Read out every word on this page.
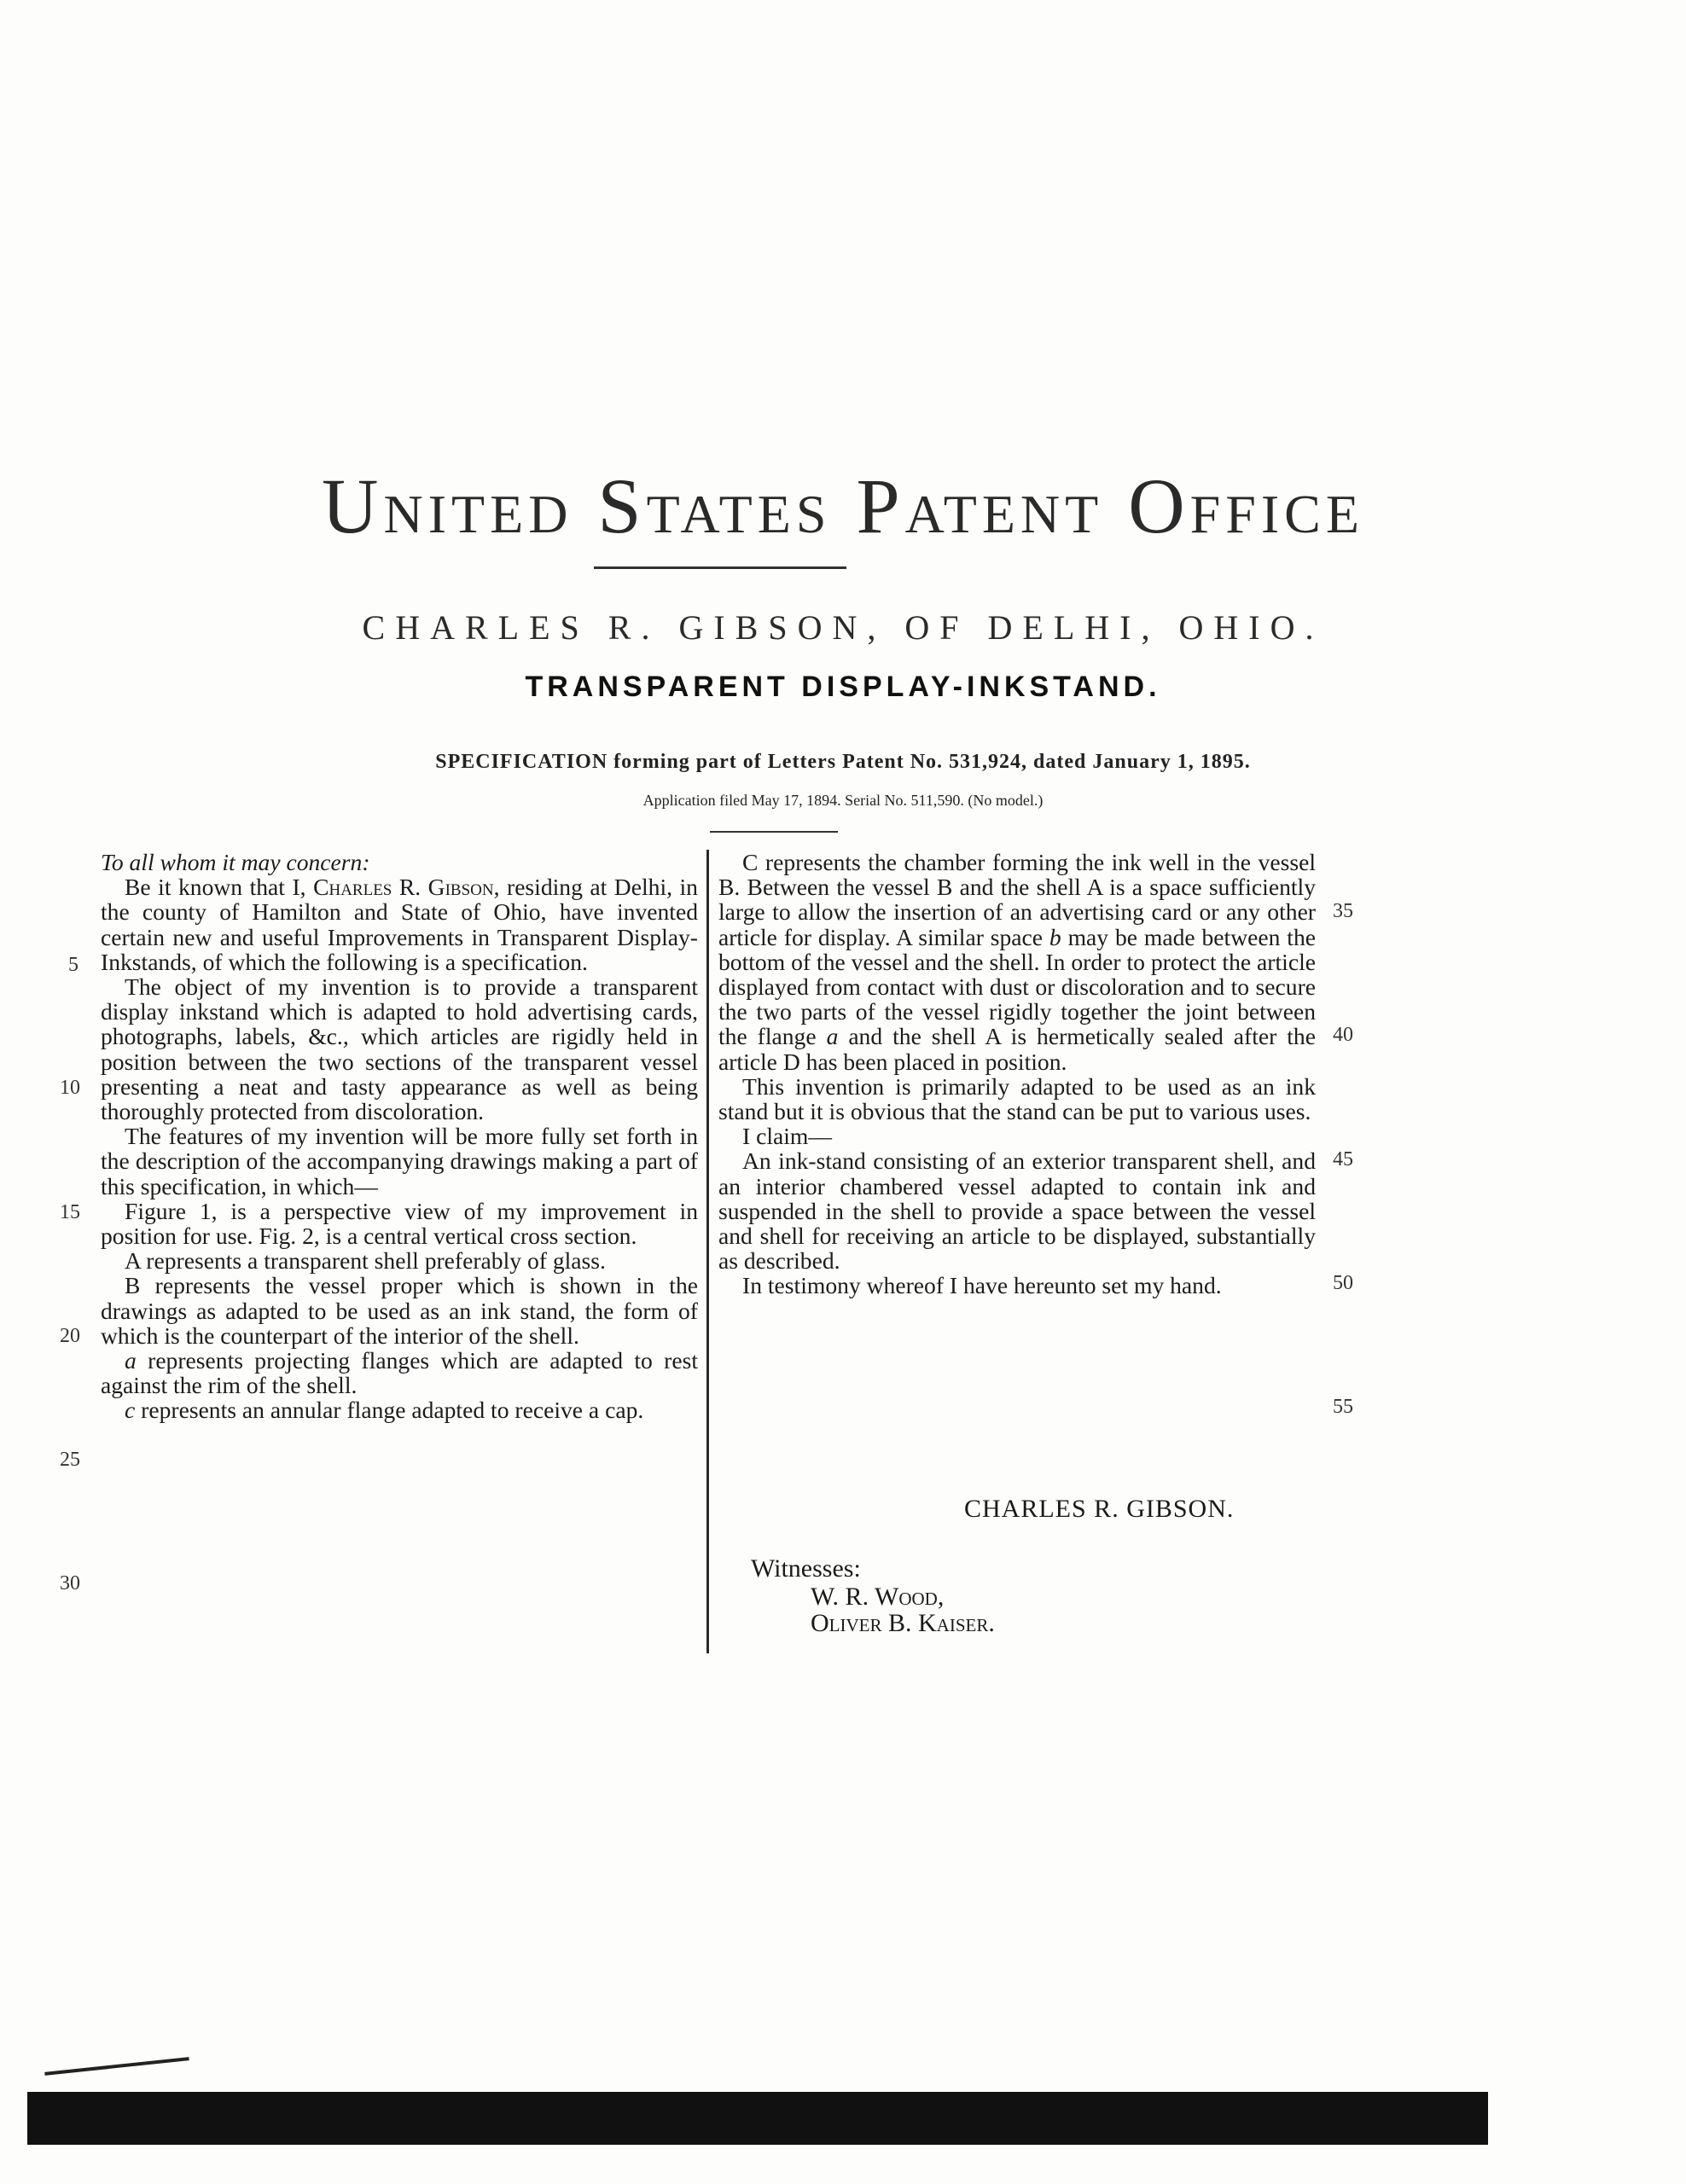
United States Patent Office
CHARLES R. GIBSON, OF DELHI, OHIO.
TRANSPARENT DISPLAY-INKSTAND.
SPECIFICATION forming part of Letters Patent No. 531,924, dated January 1, 1895.
Application filed May 17, 1894. Serial No. 511,590. (No model.)

To all whom it may concern:

Be it known that I, Charles R. Gibson, residing at Delhi, in the county of Hamilton and State of Ohio, have invented certain new and useful Improvements in Transparent Display-Inkstands, of which the following is a specification.

The object of my invention is to provide a transparent display inkstand which is adapted to hold advertising cards, photographs, labels, &c., which articles are rigidly held in position between the two sections of the transparent vessel presenting a neat and tasty appearance as well as being thoroughly protected from discoloration.

The features of my invention will be more fully set forth in the description of the accompanying drawings making a part of this specification, in which—

Figure 1, is a perspective view of my improvement in position for use. Fig. 2, is a central vertical cross section.

A represents a transparent shell preferably of glass.

B represents the vessel proper which is shown in the drawings as adapted to be used as an ink stand, the form of which is the counterpart of the interior of the shell.

a represents projecting flanges which are adapted to rest against the rim of the shell.

c represents an annular flange adapted to receive a cap.

C represents the chamber forming the ink well in the vessel B. Between the vessel B and the shell A is a space sufficiently large to allow the insertion of an advertising card or any other article for display. A similar space b may be made between the bottom of the vessel and the shell. In order to protect the article displayed from contact with dust or discoloration and to secure the two parts of the vessel rigidly together the joint between the flange a and the shell A is hermetically sealed after the article D has been placed in position.

This invention is primarily adapted to be used as an ink stand but it is obvious that the stand can be put to various uses.

I claim—

An ink-stand consisting of an exterior transparent shell, and an interior chambered vessel adapted to contain ink and suspended in the shell to provide a space between the vessel and shell for receiving an article to be displayed, substantially as described.

In testimony whereof I have hereunto set my hand.

5
10
15
20
25
30
35
40
45
50
55
CHARLES R. GIBSON.
Witnesses:
W. R. Wood,
Oliver B. Kaiser.
